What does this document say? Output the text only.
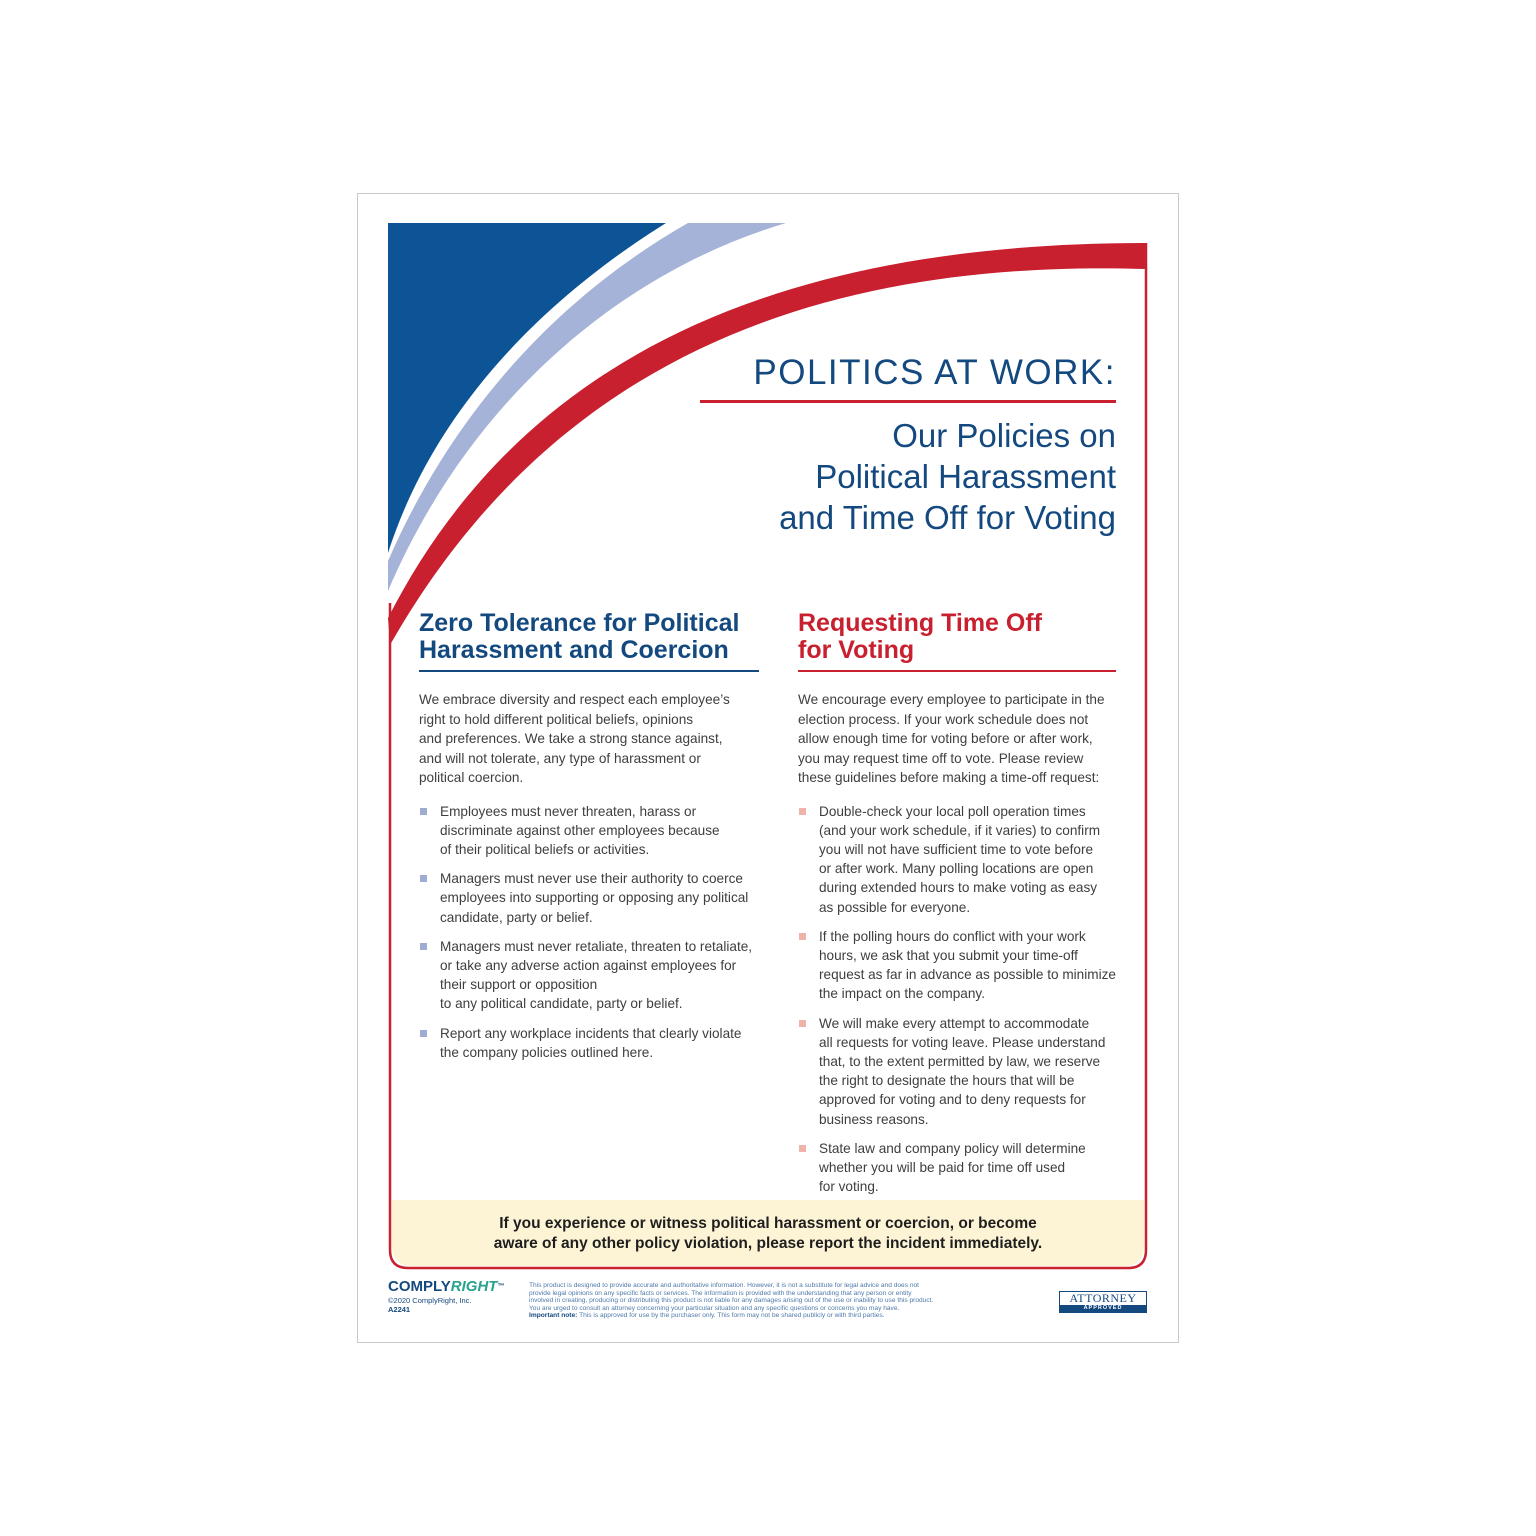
POLITICS AT WORK:
Our Policies on
Political Harassment
and Time Off for Voting
Zero Tolerance for Political
Harassment and Coercion
We embrace diversity and respect each employee’s
right to hold different political beliefs, opinions
and preferences. We take a strong stance against,
and will not tolerate, any type of harassment or
political coercion.
Employees must never threaten, harass or
discriminate against other employees because
of their political beliefs or activities.
Managers must never use their authority to coerce
employees into supporting or opposing any political
candidate, party or belief.
Managers must never retaliate, threaten to retaliate,
or take any adverse action against employees for
their support or opposition
to any political candidate, party or belief.
Report any workplace incidents that clearly violate
the company policies outlined here.
Requesting Time Off
for Voting
We encourage every employee to participate in the
election process. If your work schedule does not
allow enough time for voting before or after work,
you may request time off to vote. Please review
these guidelines before making a time-off request:
Double-check your local poll operation times
(and your work schedule, if it varies) to confirm
you will not have sufficient time to vote before
or after work. Many polling locations are open
during extended hours to make voting as easy
as possible for everyone.
If the polling hours do conflict with your work
hours, we ask that you submit your time-off
request as far in advance as possible to minimize
the impact on the company.
We will make every attempt to accommodate
all requests for voting leave. Please understand
that, to the extent permitted by law, we reserve
the right to designate the hours that will be
approved for voting and to deny requests for
business reasons.
State law and company policy will determine
whether you will be paid for time off used
for voting.
If you experience or witness political harassment or coercion, or become
aware of any other policy violation, please report the incident immediately.
COMPLYRIGHT™
©2020 ComplyRight, Inc.
A2241
This product is designed to provide accurate and authoritative information. However, it is not a substitute for legal advice and does not
provide legal opinions on any specific facts or services. The information is provided with the understanding that any person or entity
involved in creating, producing or distributing this product is not liable for any damages arising out of the use or inability to use this product.
You are urged to consult an attorney concerning your particular situation and any specific questions or concerns you may have.
Important note: This is approved for use by the purchaser only. This form may not be shared publicly or with third parties.
ATTORNEY
APPROVED
